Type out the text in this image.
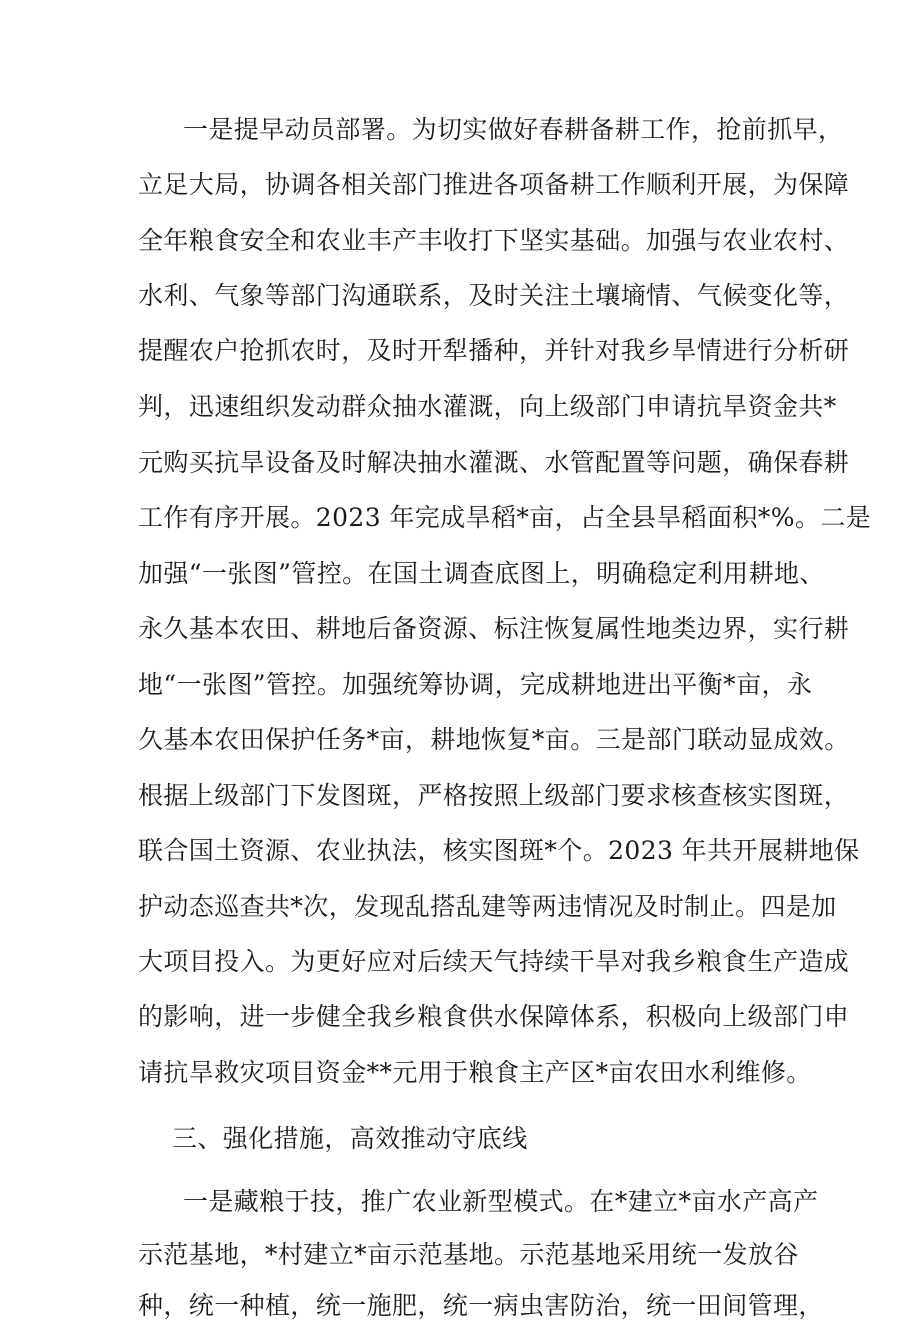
一是提早动员部署。为切实做好春耕备耕工作，抢前抓早，
立足大局，协调各相关部门推进各项备耕工作顺利开展，为保障
全年粮食安全和农业丰产丰收打下坚实基础。加强与农业农村、
水利、气象等部门沟通联系，及时关注土壤墒情、气候变化等，
提醒农户抢抓农时，及时开犁播种，并针对我乡旱情进行分析研
判，迅速组织发动群众抽水灌溉，向上级部门申请抗旱资金共*
元购买抗旱设备及时解决抽水灌溉、水管配置等问题，确保春耕
工作有序开展。2023 年完成旱稻*亩，占全县旱稻面积*%。二是
加强“一张图”管控。在国土调查底图上，明确稳定利用耕地、
永久基本农田、耕地后备资源、标注恢复属性地类边界，实行耕
地“一张图”管控。加强统筹协调，完成耕地进出平衡*亩，永
久基本农田保护任务*亩，耕地恢复*亩。三是部门联动显成效。
根据上级部门下发图斑，严格按照上级部门要求核查核实图斑，
联合国土资源、农业执法，核实图斑*个。2023 年共开展耕地保
护动态巡查共*次，发现乱搭乱建等两违情况及时制止。四是加
大项目投入。为更好应对后续天气持续干旱对我乡粮食生产造成
的影响，进一步健全我乡粮食供水保障体系，积极向上级部门申
请抗旱救灾项目资金**元用于粮食主产区*亩农田水利维修。
三、强化措施，高效推动守底线
一是藏粮于技，推广农业新型模式。在*建立*亩水产高产
示范基地，*村建立*亩示范基地。示范基地采用统一发放谷
种，统一种植，统一施肥，统一病虫害防治，统一田间管理，
